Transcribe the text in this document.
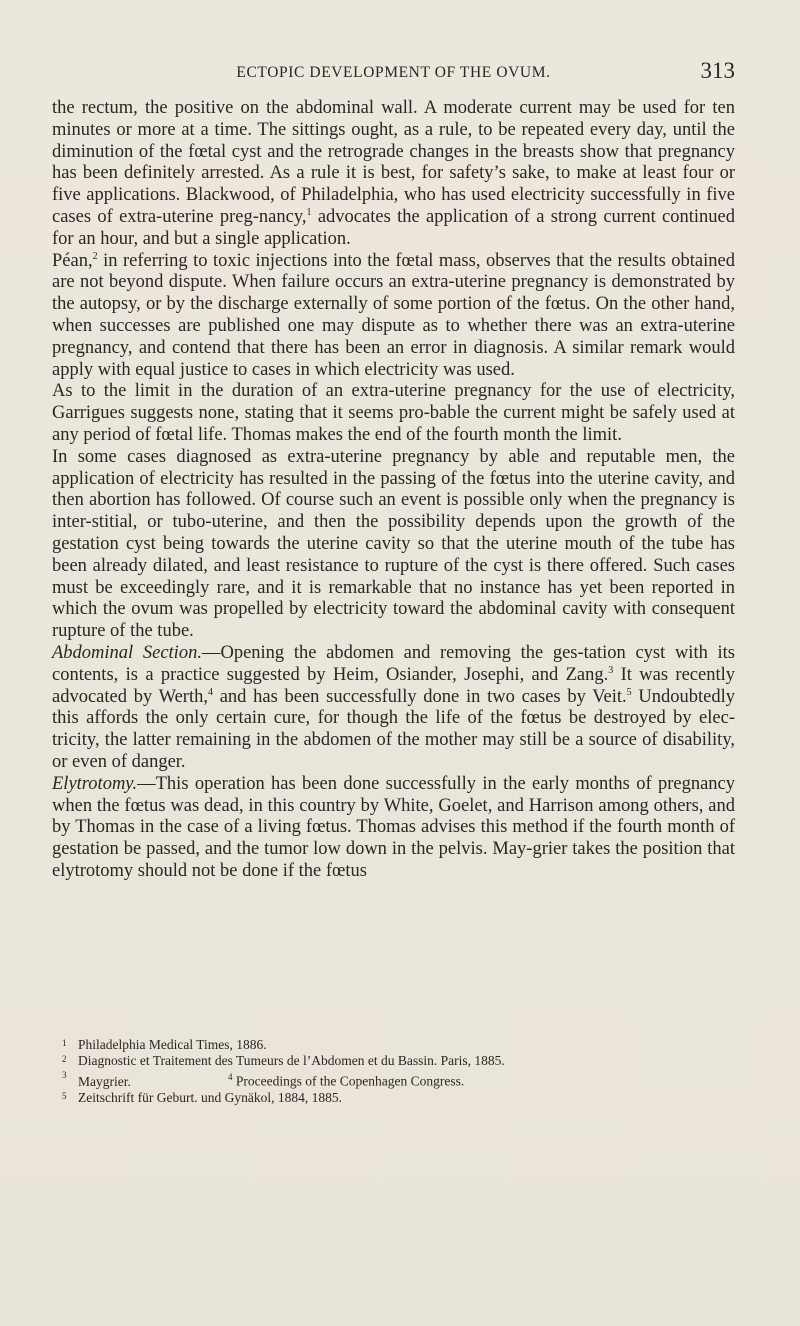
ECTOPIC DEVELOPMENT OF THE OVUM.	313

the rectum, the positive on the abdominal wall. A moderate current may be used for ten minutes or more at a time. The sittings ought, as a rule, to be repeated every day, until the diminution of the fœtal cyst and the retrograde changes in the breasts show that pregnancy has been definitely arrested. As a rule it is best, for safety’s sake, to make at least four or five applications. Blackwood, of Philadelphia, who has used electricity successfully in five cases of extra-uterine preg-nancy,$^1$ advocates the application of a strong current continued for an hour, and but a single application.

Péan,$^2$ in referring to toxic injections into the fœtal mass, observes that the results obtained are not beyond dispute. When failure occurs an extra-uterine pregnancy is demonstrated by the autopsy, or by the discharge externally of some portion of the fœtus. On the other hand, when successes are published one may dispute as to whether there was an extra-uterine pregnancy, and contend that there has been an error in diagnosis. A similar remark would apply with equal justice to cases in which electricity was used.

As to the limit in the duration of an extra-uterine pregnancy for the use of electricity, Garrigues suggests none, stating that it seems pro-bable the current might be safely used at any period of fœtal life. Thomas makes the end of the fourth month the limit.

In some cases diagnosed as extra-uterine pregnancy by able and reputable men, the application of electricity has resulted in the passing of the fœtus into the uterine cavity, and then abortion has followed. Of course such an event is possible only when the pregnancy is inter-stitial, or tubo-uterine, and then the possibility depends upon the growth of the gestation cyst being towards the uterine cavity so that the uterine mouth of the tube has been already dilated, and least resistance to rupture of the cyst is there offered. Such cases must be exceedingly rare, and it is remarkable that no instance has yet been reported in which the ovum was propelled by electricity toward the abdominal cavity with consequent rupture of the tube.

Abdominal Section.—Opening the abdomen and removing the ges-tation cyst with its contents, is a practice suggested by Heim, Osiander, Josephi, and Zang.$^3$ It was recently advocated by Werth,$^4$ and has been successfully done in two cases by Veit.$^5$ Undoubtedly this affords the only certain cure, for though the life of the fœtus be destroyed by elec-tricity, the latter remaining in the abdomen of the mother may still be a source of disability, or even of danger.

Elytrotomy.—This operation has been done successfully in the early months of pregnancy when the fœtus was dead, in this country by White, Goelet, and Harrison among others, and by Thomas in the case of a living fœtus. Thomas advises this method if the fourth month of gestation be passed, and the tumor low down in the pelvis. May-grier takes the position that elytrotomy should not be done if the fœtus

1 Philadelphia Medical Times, 1886.
2 Diagnostic et Traitement des Tumeurs de l’Abdomen et du Bassin. Paris, 1885.
3 Maygrier.	$^4$ Proceedings of the Copenhagen Congress.
5 Zeitschrift für Geburt. und Gynäkol, 1884, 1885.
